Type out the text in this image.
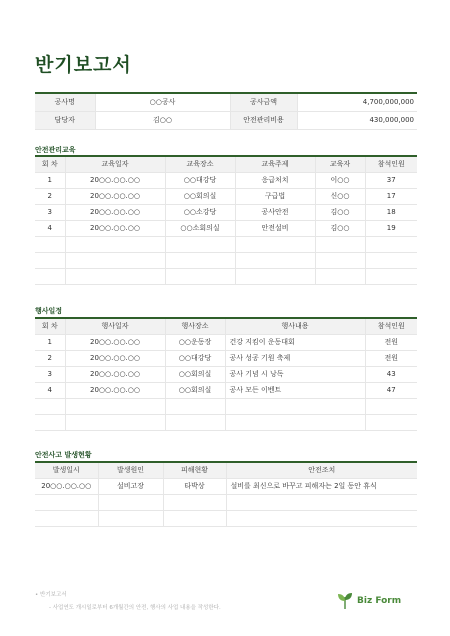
반기보고서
공사명	○○공사	공사금액	4,700,000,000
담당자	김○○	안전관리비용	430,000,000
안전관리교육
회 차	교육일자	교육장소	교육주제	교육자	참석인원
1	20○○.○○.○○	○○대강당	응급처치	이○○	37
2	20○○.○○.○○	○○회의실	구급법	신○○	17
3	20○○.○○.○○	○○소강당	공사안전	김○○	18
4	20○○.○○.○○	○○소회의실	안전설비	김○○	19

행사일정
회 차	행사일자	행사장소	행사내용	참석인원
1	20○○.○○.○○	○○운동장	건강 지킴이 운동대회	전원
2	20○○.○○.○○	○○대강당	공사 성공 기원 축제	전원
3	20○○.○○.○○	○○회의실	공사 기념 시 낭독	43
4	20○○.○○.○○	○○회의실	공사 모든 이벤트	47

안전사고 발생현황
발생일시	발생원인	피해현황	안전조치
20○○.○○.○○	설비고장	타박상	설비를 최신으로 바꾸고 피해자는 2일 동안 휴식

• 반기보고서
- 사업연도 개시일로부터 6개월간의 안전, 행사의 사업 내용을 작성한다.
Biz Form
